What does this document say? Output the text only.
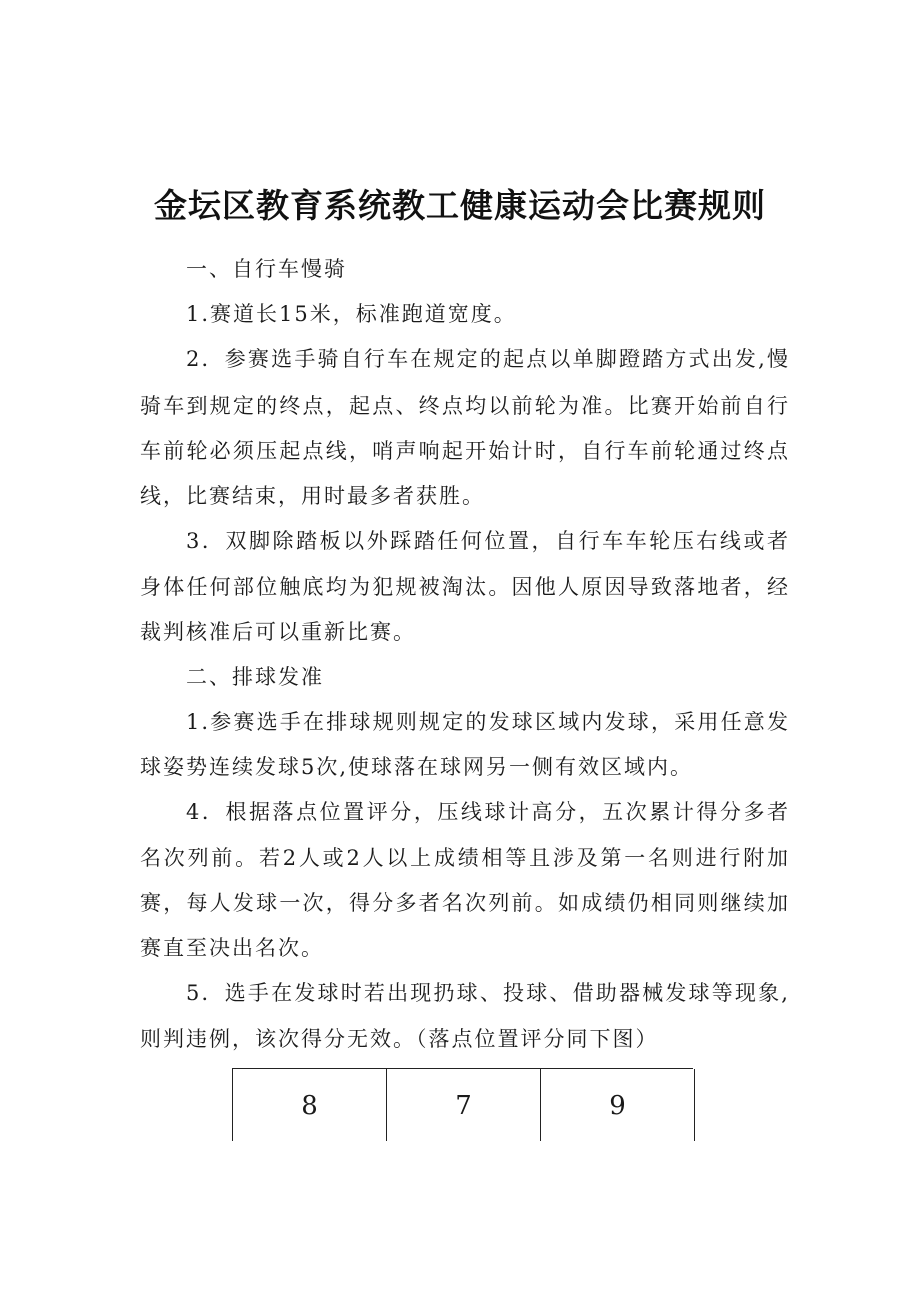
金坛区教育系统教工健康运动会比赛规则
一、自行车慢骑
1.赛道长15米，标准跑道宽度。
2．参赛选手骑自行车在规定的起点以单脚蹬踏方式出发,慢
骑车到规定的终点，起点、终点均以前轮为准。比赛开始前自行
车前轮必须压起点线，哨声响起开始计时，自行车前轮通过终点
线，比赛结束，用时最多者获胜。
3．双脚除踏板以外踩踏任何位置，自行车车轮压右线或者
身体任何部位触底均为犯规被淘汰。因他人原因导致落地者，经
裁判核准后可以重新比赛。
二、排球发准
1.参赛选手在排球规则规定的发球区域内发球，采用任意发
球姿势连续发球5次,使球落在球网另一侧有效区域内。
4．根据落点位置评分，压线球计高分，五次累计得分多者
名次列前。若2人或2人以上成绩相等且涉及第一名则进行附加
赛，每人发球一次，得分多者名次列前。如成绩仍相同则继续加
赛直至决出名次。
5．选手在发球时若出现扔球、投球、借助器械发球等现象,
则判违例，该次得分无效。（落点位置评分同下图）
8	7	9
